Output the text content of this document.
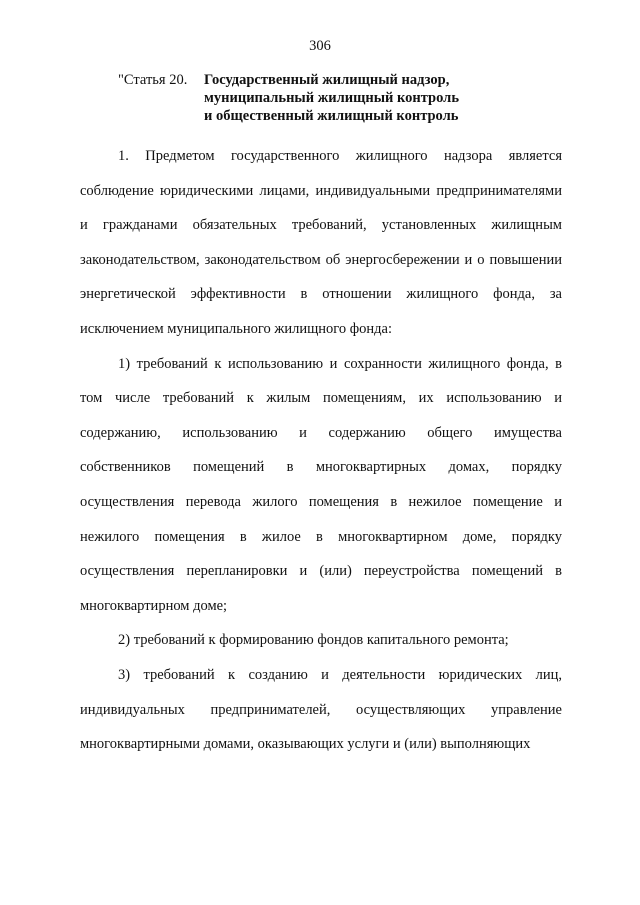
306
"Статья 20. Государственный жилищный надзор,
муниципальный жилищный контроль
и общественный жилищный контроль

1. Предметом государственного жилищного надзора является соблюдение юридическими лицами, индивидуальными предпринимателями и гражданами обязательных требований, установленных жилищным законодательством, законодательством об энергосбережении и о повышении энергетической эффективности в отношении жилищного фонда, за исключением муниципального жилищного фонда:

1) требований к использованию и сохранности жилищного фонда, в том числе требований к жилым помещениям, их использованию и содержанию, использованию и содержанию общего имущества собственников помещений в многоквартирных домах, порядку осуществления перевода жилого помещения в нежилое помещение и нежилого помещения в жилое в многоквартирном доме, порядку осуществления перепланировки и (или) переустройства помещений в многоквартирном доме;

2) требований к формированию фондов капитального ремонта;

3) требований к созданию и деятельности юридических лиц, индивидуальных предпринимателей, осуществляющих управление многоквартирными домами, оказывающих услуги и (или) выполняющих
